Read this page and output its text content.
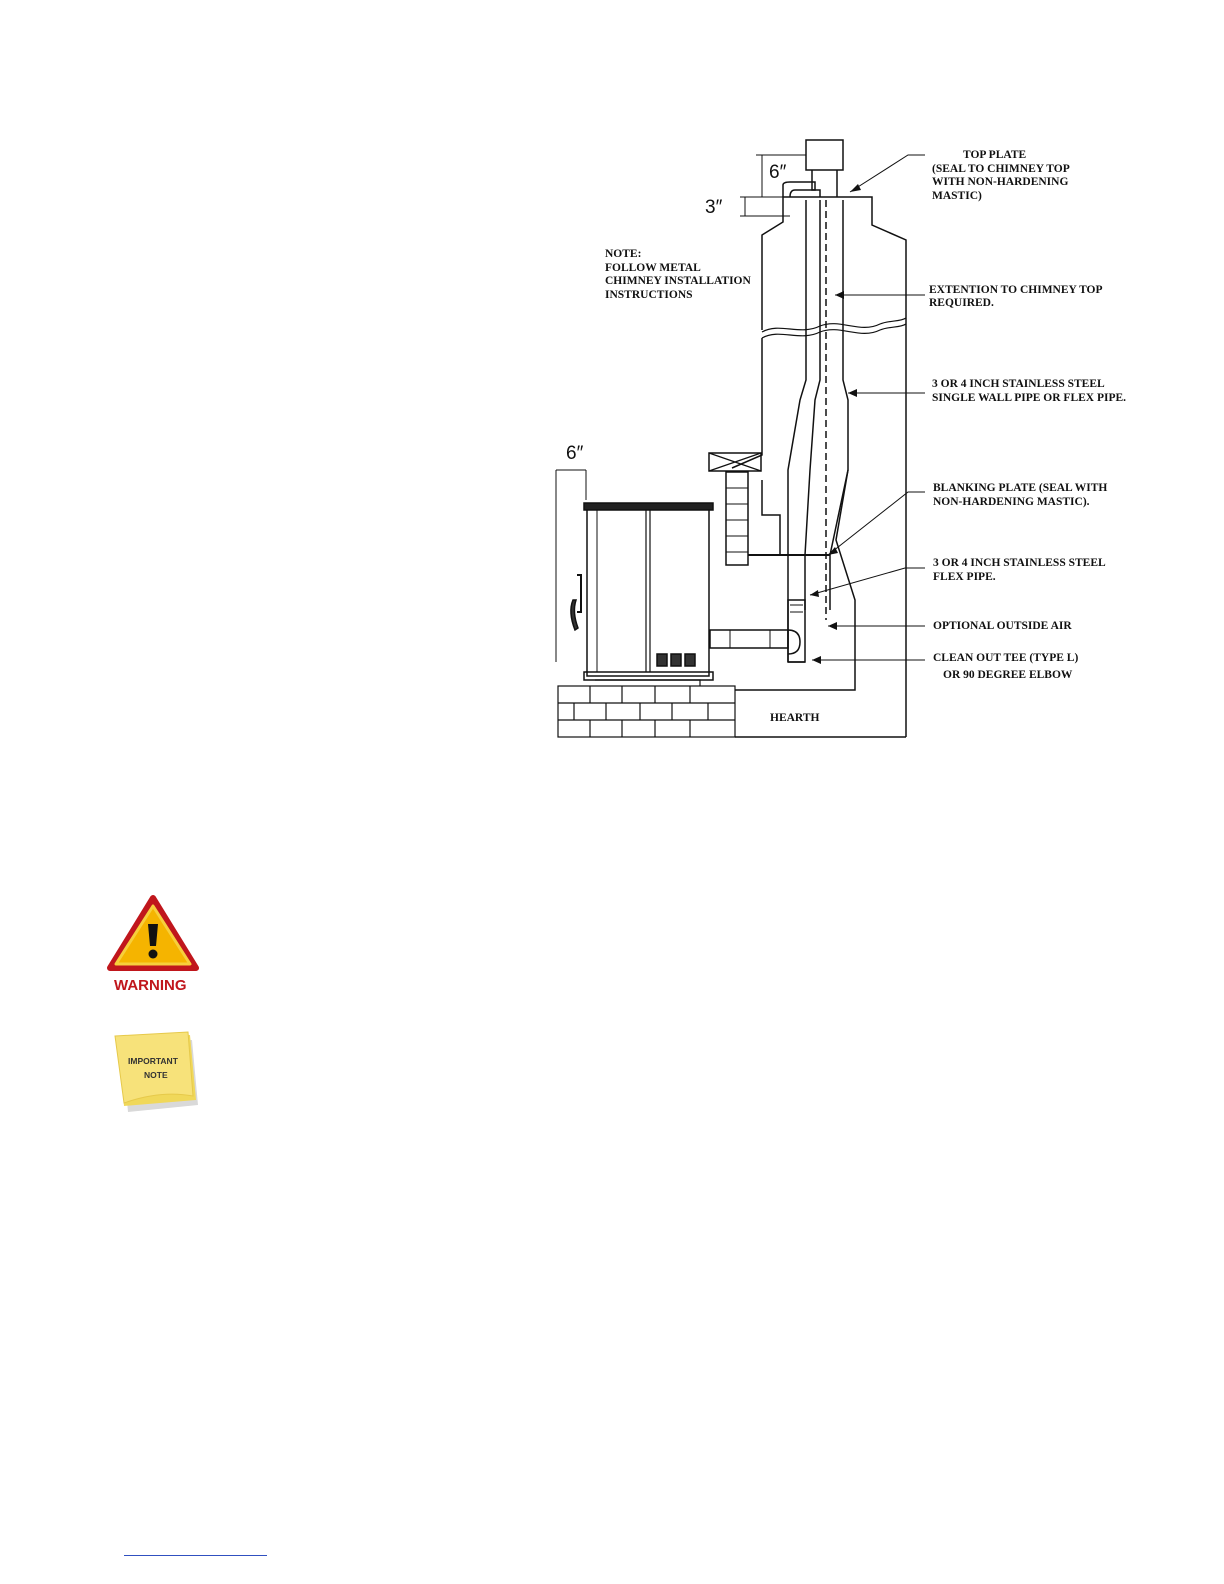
6″
3″
6″
NOTE:
FOLLOW METAL
CHIMNEY INSTALLATION
INSTRUCTIONS
TOP PLATE
(SEAL TO CHIMNEY TOP
WITH NON-HARDENING
MASTIC)
EXTENTION TO CHIMNEY TOP
REQUIRED.
3 OR 4 INCH STAINLESS STEEL
SINGLE WALL PIPE OR FLEX PIPE.
BLANKING PLATE (SEAL WITH
NON-HARDENING MASTIC).
3 OR 4 INCH STAINLESS STEEL
FLEX PIPE.
OPTIONAL OUTSIDE AIR
CLEAN OUT TEE (TYPE L)
OR 90 DEGREE ELBOW
HEARTH
WARNING
IMPORTANT
NOTE
